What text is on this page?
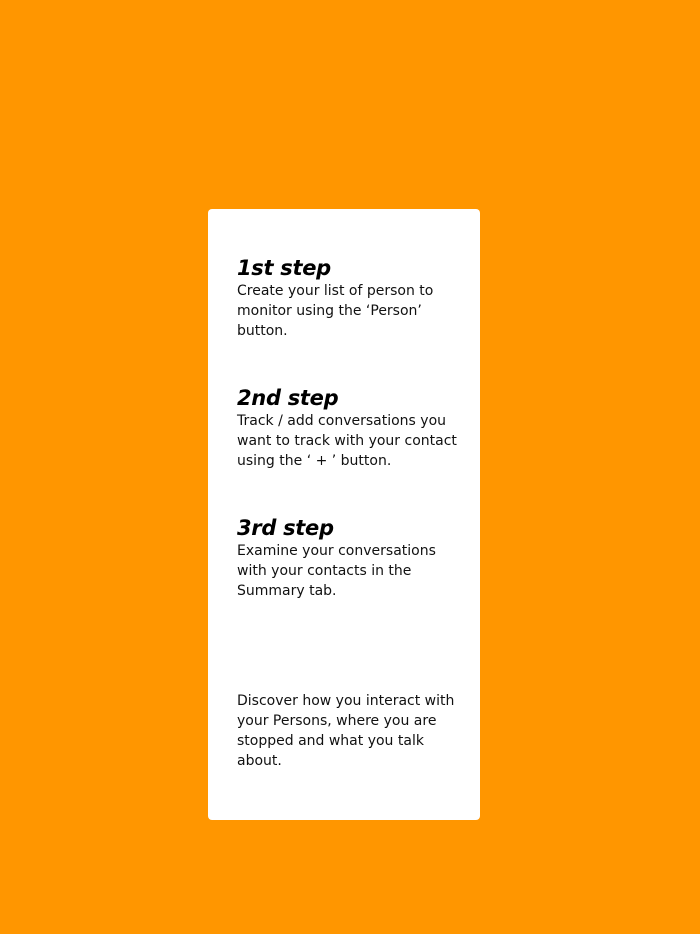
1st step

Create your list of person to monitor using the ‘Person’ button.

2nd step

Track / add conversations you want to track with your contact using the ‘ + ’ button.

3rd step

Examine your conversations with your contacts in the Summary tab.

Discover how you interact with your Persons, where you are stopped and what you talk about.
